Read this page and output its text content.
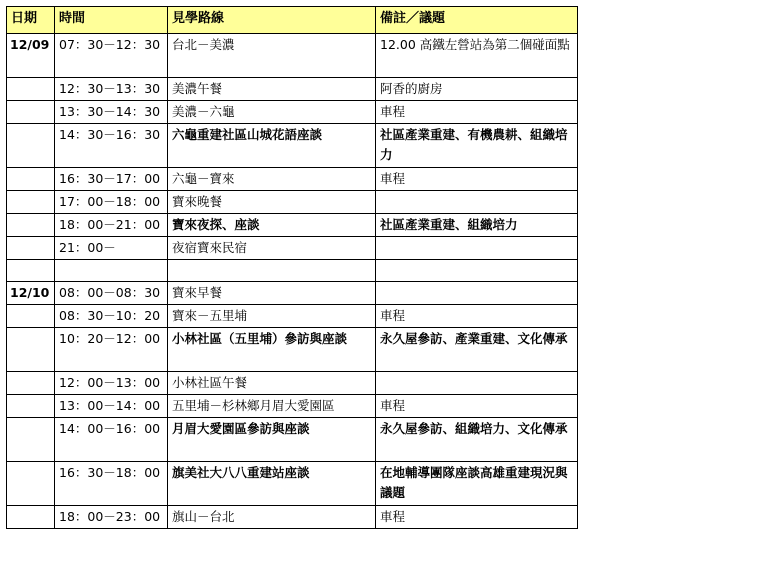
日期	時間	見學路線	備註／議題
12/09	07：30－12：30	台北－美濃	12.00 高鐵左營站為第二個碰面點
	12：30－13：30	美濃午餐	阿香的廚房
	13：30－14：30	美濃－六龜	車程
	14：30－16：30	六龜重建社區山城花語座談	社區產業重建、有機農耕、組織培力
	16：30－17：00	六龜－寶來	車程
	17：00－18：00	寶來晚餐	
	18：00－21：00	寶來夜探、座談	社區產業重建、組織培力
	21：00－	夜宿寶來民宿	

12/10	08：00－08：30	寶來早餐	
	08：30－10：20	寶來－五里埔	車程
	10：20－12：00	小林社區（五里埔）參訪與座談	永久屋參訪、產業重建、文化傳承
	12：00－13：00	小林社區午餐	
	13：00－14：00	五里埔－杉林鄉月眉大愛園區	車程
	14：00－16：00	月眉大愛園區參訪與座談	永久屋參訪、組織培力、文化傳承
	16：30－18：00	旗美社大八八重建站座談	在地輔導團隊座談高雄重建現況與議題
	18：00－23：00	旗山－台北	車程
